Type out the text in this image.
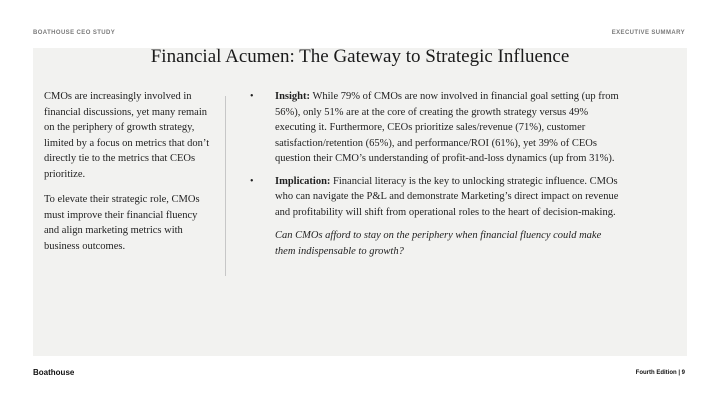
BOATHOUSE CEO STUDY	EXECUTIVE SUMMARY
Financial Acumen: The Gateway to Strategic Influence

CMOs are increasingly involved in financial discussions, yet many remain on the periphery of growth strategy, limited by a focus on metrics that don’t directly tie to the metrics that CEOs prioritize.

To elevate their strategic role, CMOs must improve their financial fluency and align marketing metrics with business outcomes.

• Insight: While 79% of CMOs are now involved in financial goal setting (up from 56%), only 51% are at the core of creating the growth strategy versus 49% executing it. Furthermore, CEOs prioritize sales/revenue (71%), customer satisfaction/retention (65%), and performance/ROI (61%), yet 39% of CEOs question their CMO’s understanding of profit-and-loss dynamics (up from 31%).
• Implication: Financial literacy is the key to unlocking strategic influence. CMOs who can navigate the P&L and demonstrate Marketing’s direct impact on revenue and profitability will shift from operational roles to the heart of decision-making.
Can CMOs afford to stay on the periphery when financial fluency could make them indispensable to growth?
Boathouse	Fourth Edition | 9
